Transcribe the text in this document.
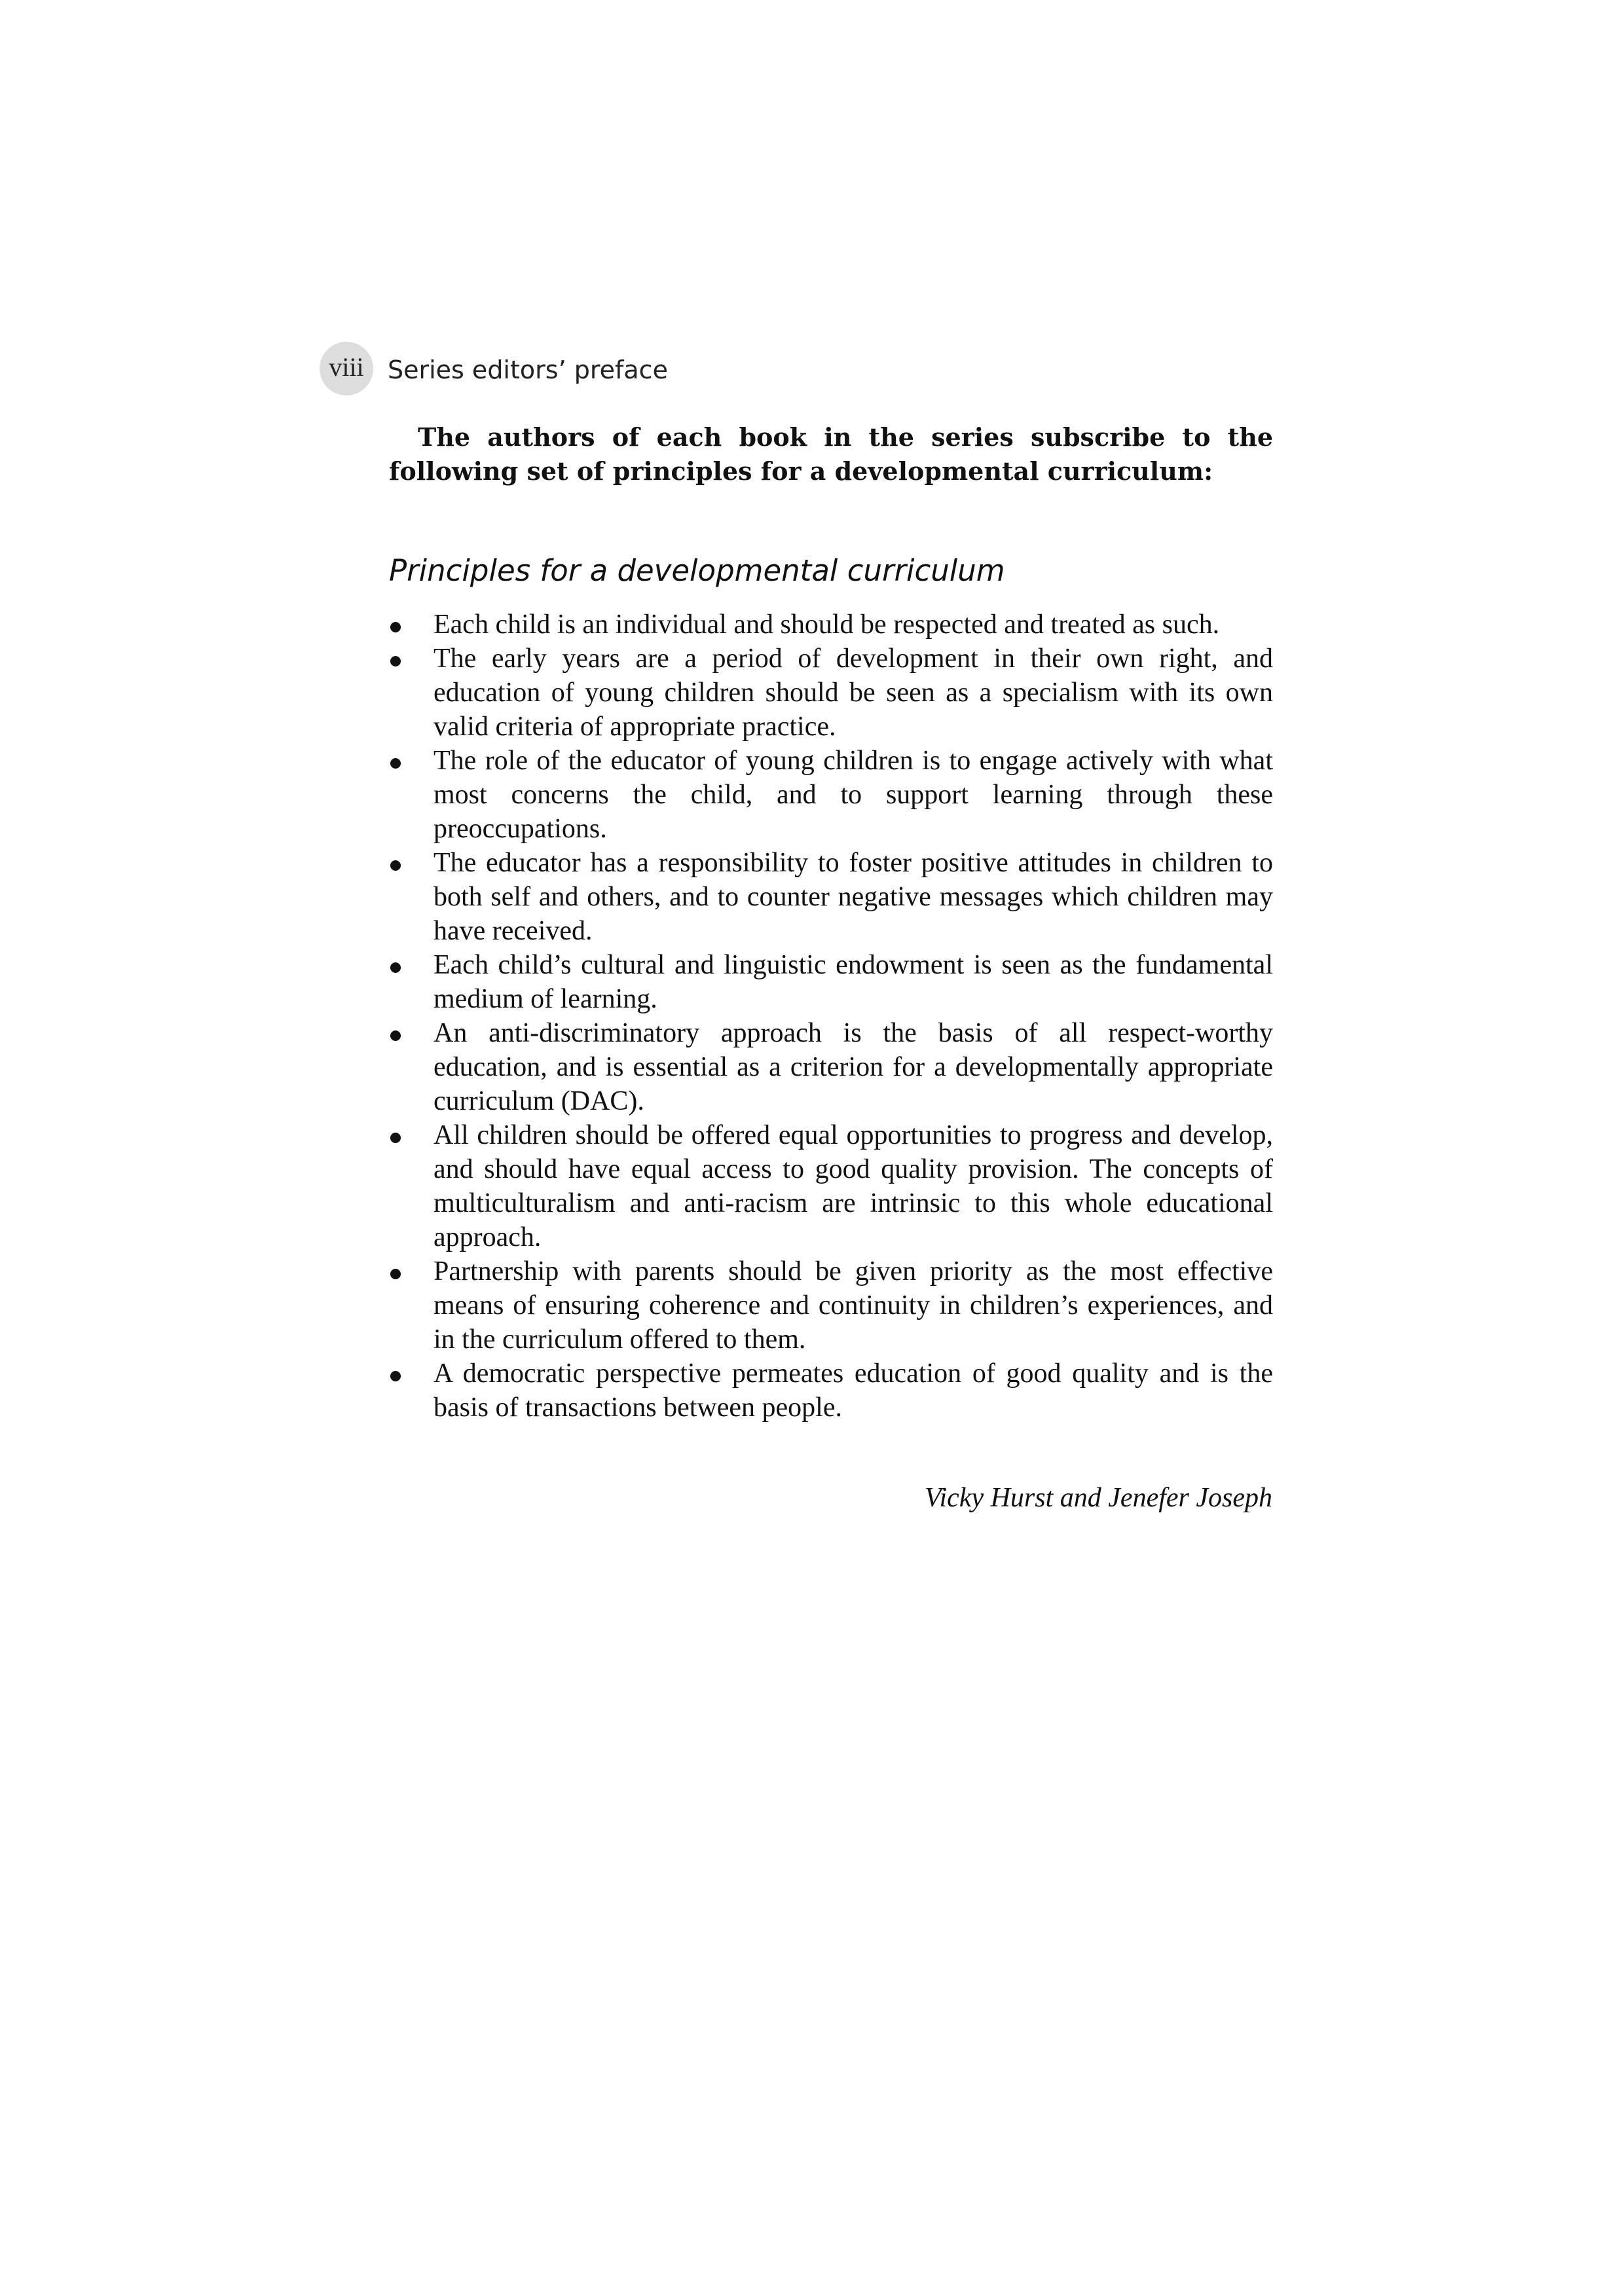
viii Series editors’ preface

The authors of each book in the series subscribe to the following set of principles for a developmental curriculum:

Principles for a developmental curriculum
Each child is an individual and should be respected and treated as such.
The early years are a period of development in their own right, and education of young children should be seen as a specialism with its own valid criteria of appropriate practice.
The role of the educator of young children is to engage actively with what most concerns the child, and to support learning through these preoccupations.
The educator has a responsibility to foster positive attitudes in children to both self and others, and to counter negative messages which children may have received.
Each child’s cultural and linguistic endowment is seen as the fundamental medium of learning.
An anti-discriminatory approach is the basis of all respect-worthy education, and is essential as a criterion for a developmentally appropriate curriculum (DAC).
All children should be offered equal opportunities to progress and develop, and should have equal access to good quality provision. The concepts of multiculturalism and anti-racism are intrinsic to this whole educational approach.
Partnership with parents should be given priority as the most effective means of ensuring coherence and continuity in children’s experiences, and in the curriculum offered to them.
A democratic perspective permeates education of good quality and is the basis of transactions between people.
Vicky Hurst and Jenefer Joseph
